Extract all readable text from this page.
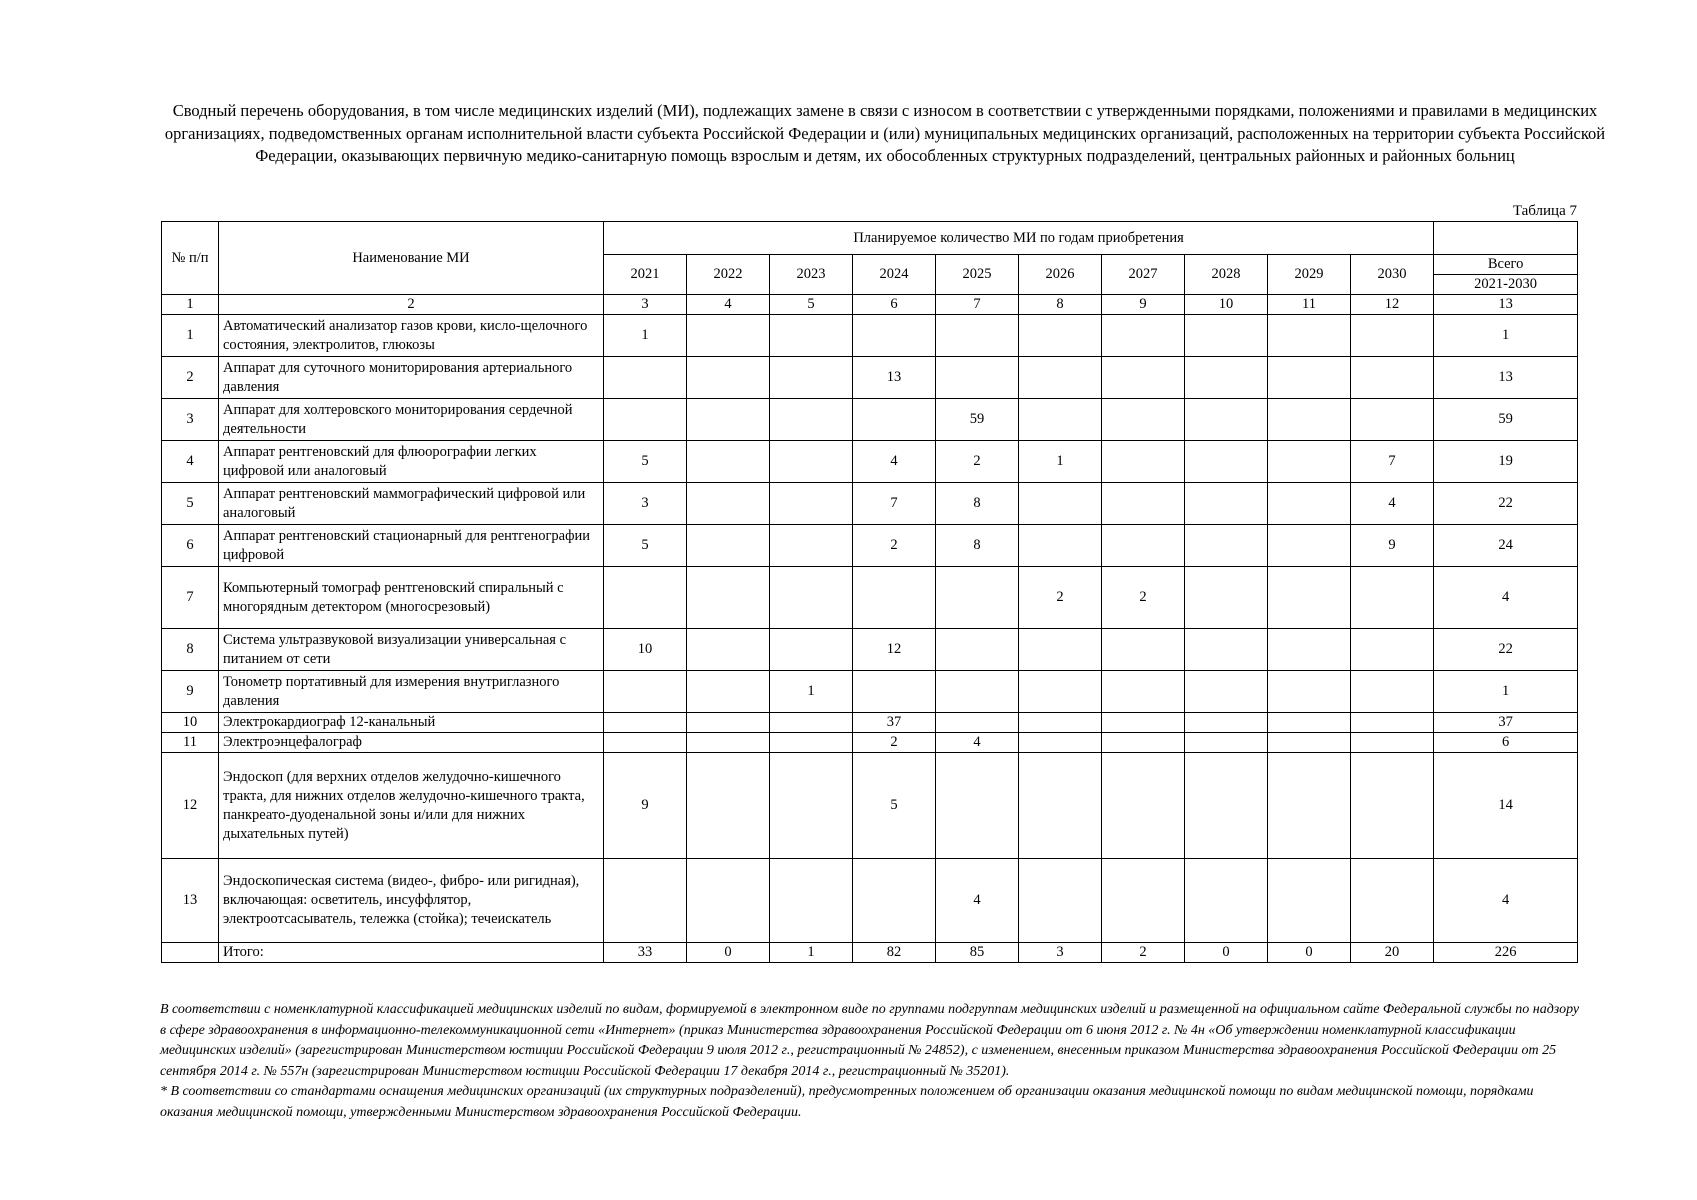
Сводный перечень оборудования, в том числе медицинских изделий (МИ), подлежащих замене в связи с износом в соответствии с утвержденными порядками, положениями и правилами в медицинских организациях, подведомственных органам исполнительной власти субъекта Российской Федерации и (или) муниципальных медицинских организаций, расположенных на территории субъекта Российской Федерации, оказывающих первичную медико-санитарную помощь взрослым и детям, их обособленных структурных подразделений, центральных районных и районных больниц
Таблица 7
№ п/п	Наименование МИ	Планируемое количество МИ по годам приобретения										
		2021	2022	2023	2024	2025	2026	2027	2028	2029	2030	Всего
												2021-2030
1	2	3	4	5	6	7	8	9	10	11	12	13
1	Автоматический анализатор газов крови, кисло-щелочного состояния, электролитов, глюкозы	1										1
2	Аппарат для суточного мониторирования артериального давления				13							13
3	Аппарат для холтеровского мониторирования сердечной деятельности					59						59
4	Аппарат рентгеновский для флюорографии легких цифровой или аналоговый	5			4	2	1				7	19
5	Аппарат рентгеновский маммографический цифровой или аналоговый	3			7	8					4	22
6	Аппарат рентгеновский стационарный для рентгенографии цифровой	5			2	8					9	24
7	Компьютерный томограф рентгеновский спиральный с многорядным детектором (многосрезовый)						2	2				4
8	Система ультразвуковой визуализации универсальная с питанием от сети	10			12							22
9	Тонометр портативный для измерения внутриглазного давления			1								1
10	Электрокардиограф 12-канальный				37							37
11	Электроэнцефалограф				2	4						6
12	Эндоскоп (для верхних отделов желудочно-кишечного тракта, для нижних отделов желудочно-кишечного тракта, панкреато-дуоденальной зоны и/или для нижних дыхательных путей)	9			5							14
13	Эндоскопическая система (видео-, фибро- или ригидная), включающая: осветитель, инсуффлятор, электроотсасыватель, тележка (стойка); течеискатель					4						4
	Итого:	33	0	1	82	85	3	2	0	0	20	226

В соответствии с номенклатурной классификацией медицинских изделий по видам, формируемой в электронном виде по группами подгруппам медицинских изделий и размещенной на официальном сайте Федеральной службы по надзору в сфере здравоохранения в информационно-телекоммуникационной сети «Интернет» (приказ Министерства здравоохранения Российской Федерации от 6 июня 2012 г. № 4н «Об утверждении номенклатурной классификации медицинских изделий» (зарегистрирован Министерством юстиции Российской Федерации 9 июля 2012 г., регистрационный № 24852), с изменением, внесенным приказом Министерства здравоохранения Российской Федерации от 25 сентября 2014 г. № 557н (зарегистрирован Министерством юстиции Российской Федерации 17 декабря 2014 г., регистрационный № 35201).

* В соответствии со стандартами оснащения медицинских организаций (их структурных подразделений), предусмотренных положением об организации оказания медицинской помощи по видам медицинской помощи, порядками оказания медицинской помощи, утвержденными Министерством здравоохранения Российской Федерации.
